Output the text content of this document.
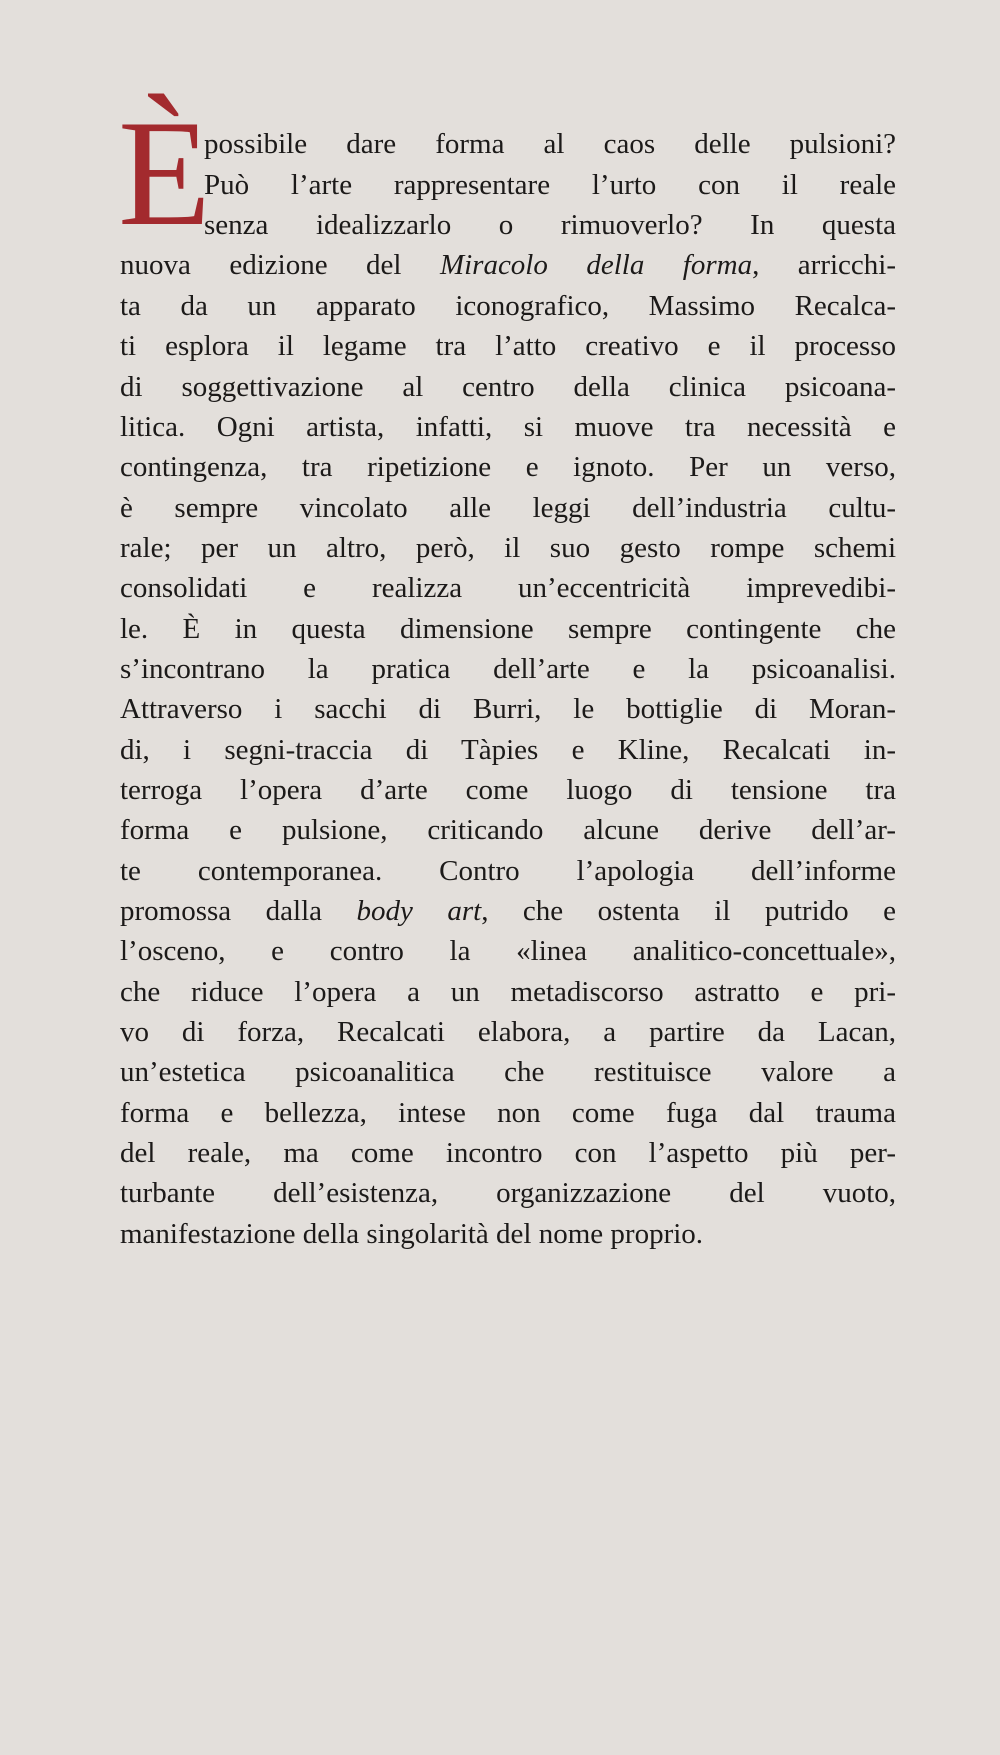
È
possibile dare forma al caos delle pulsioni?
Può l’arte rappresentare l’urto con il reale
senza idealizzarlo o rimuoverlo? In questa
nuova edizione del Miracolo della forma, arricchi-
ta da un apparato iconografico, Massimo Recalca-
ti esplora il legame tra l’atto creativo e il processo
di soggettivazione al centro della clinica psicoana-
litica. Ogni artista, infatti, si muove tra necessità e
contingenza, tra ripetizione e ignoto. Per un verso,
è sempre vincolato alle leggi dell’industria cultu-
rale; per un altro, però, il suo gesto rompe schemi
consolidati e realizza un’eccentricità imprevedibi-
le. È in questa dimensione sempre contingente che
s’incontrano la pratica dell’arte e la psicoanalisi.
Attraverso i sacchi di Burri, le bottiglie di Moran-
di, i segni-traccia di Tàpies e Kline, Recalcati in-
terroga l’opera d’arte come luogo di tensione tra
forma e pulsione, criticando alcune derive dell’ar-
te contemporanea. Contro l’apologia dell’informe
promossa dalla body art, che ostenta il putrido e
l’osceno, e contro la «linea analitico-concettuale»,
che riduce l’opera a un metadiscorso astratto e pri-
vo di forza, Recalcati elabora, a partire da Lacan,
un’estetica psicoanalitica che restituisce valore a
forma e bellezza, intese non come fuga dal trauma
del reale, ma come incontro con l’aspetto più per-
turbante dell’esistenza, organizzazione del vuoto,
manifestazione della singolarità del nome proprio.
